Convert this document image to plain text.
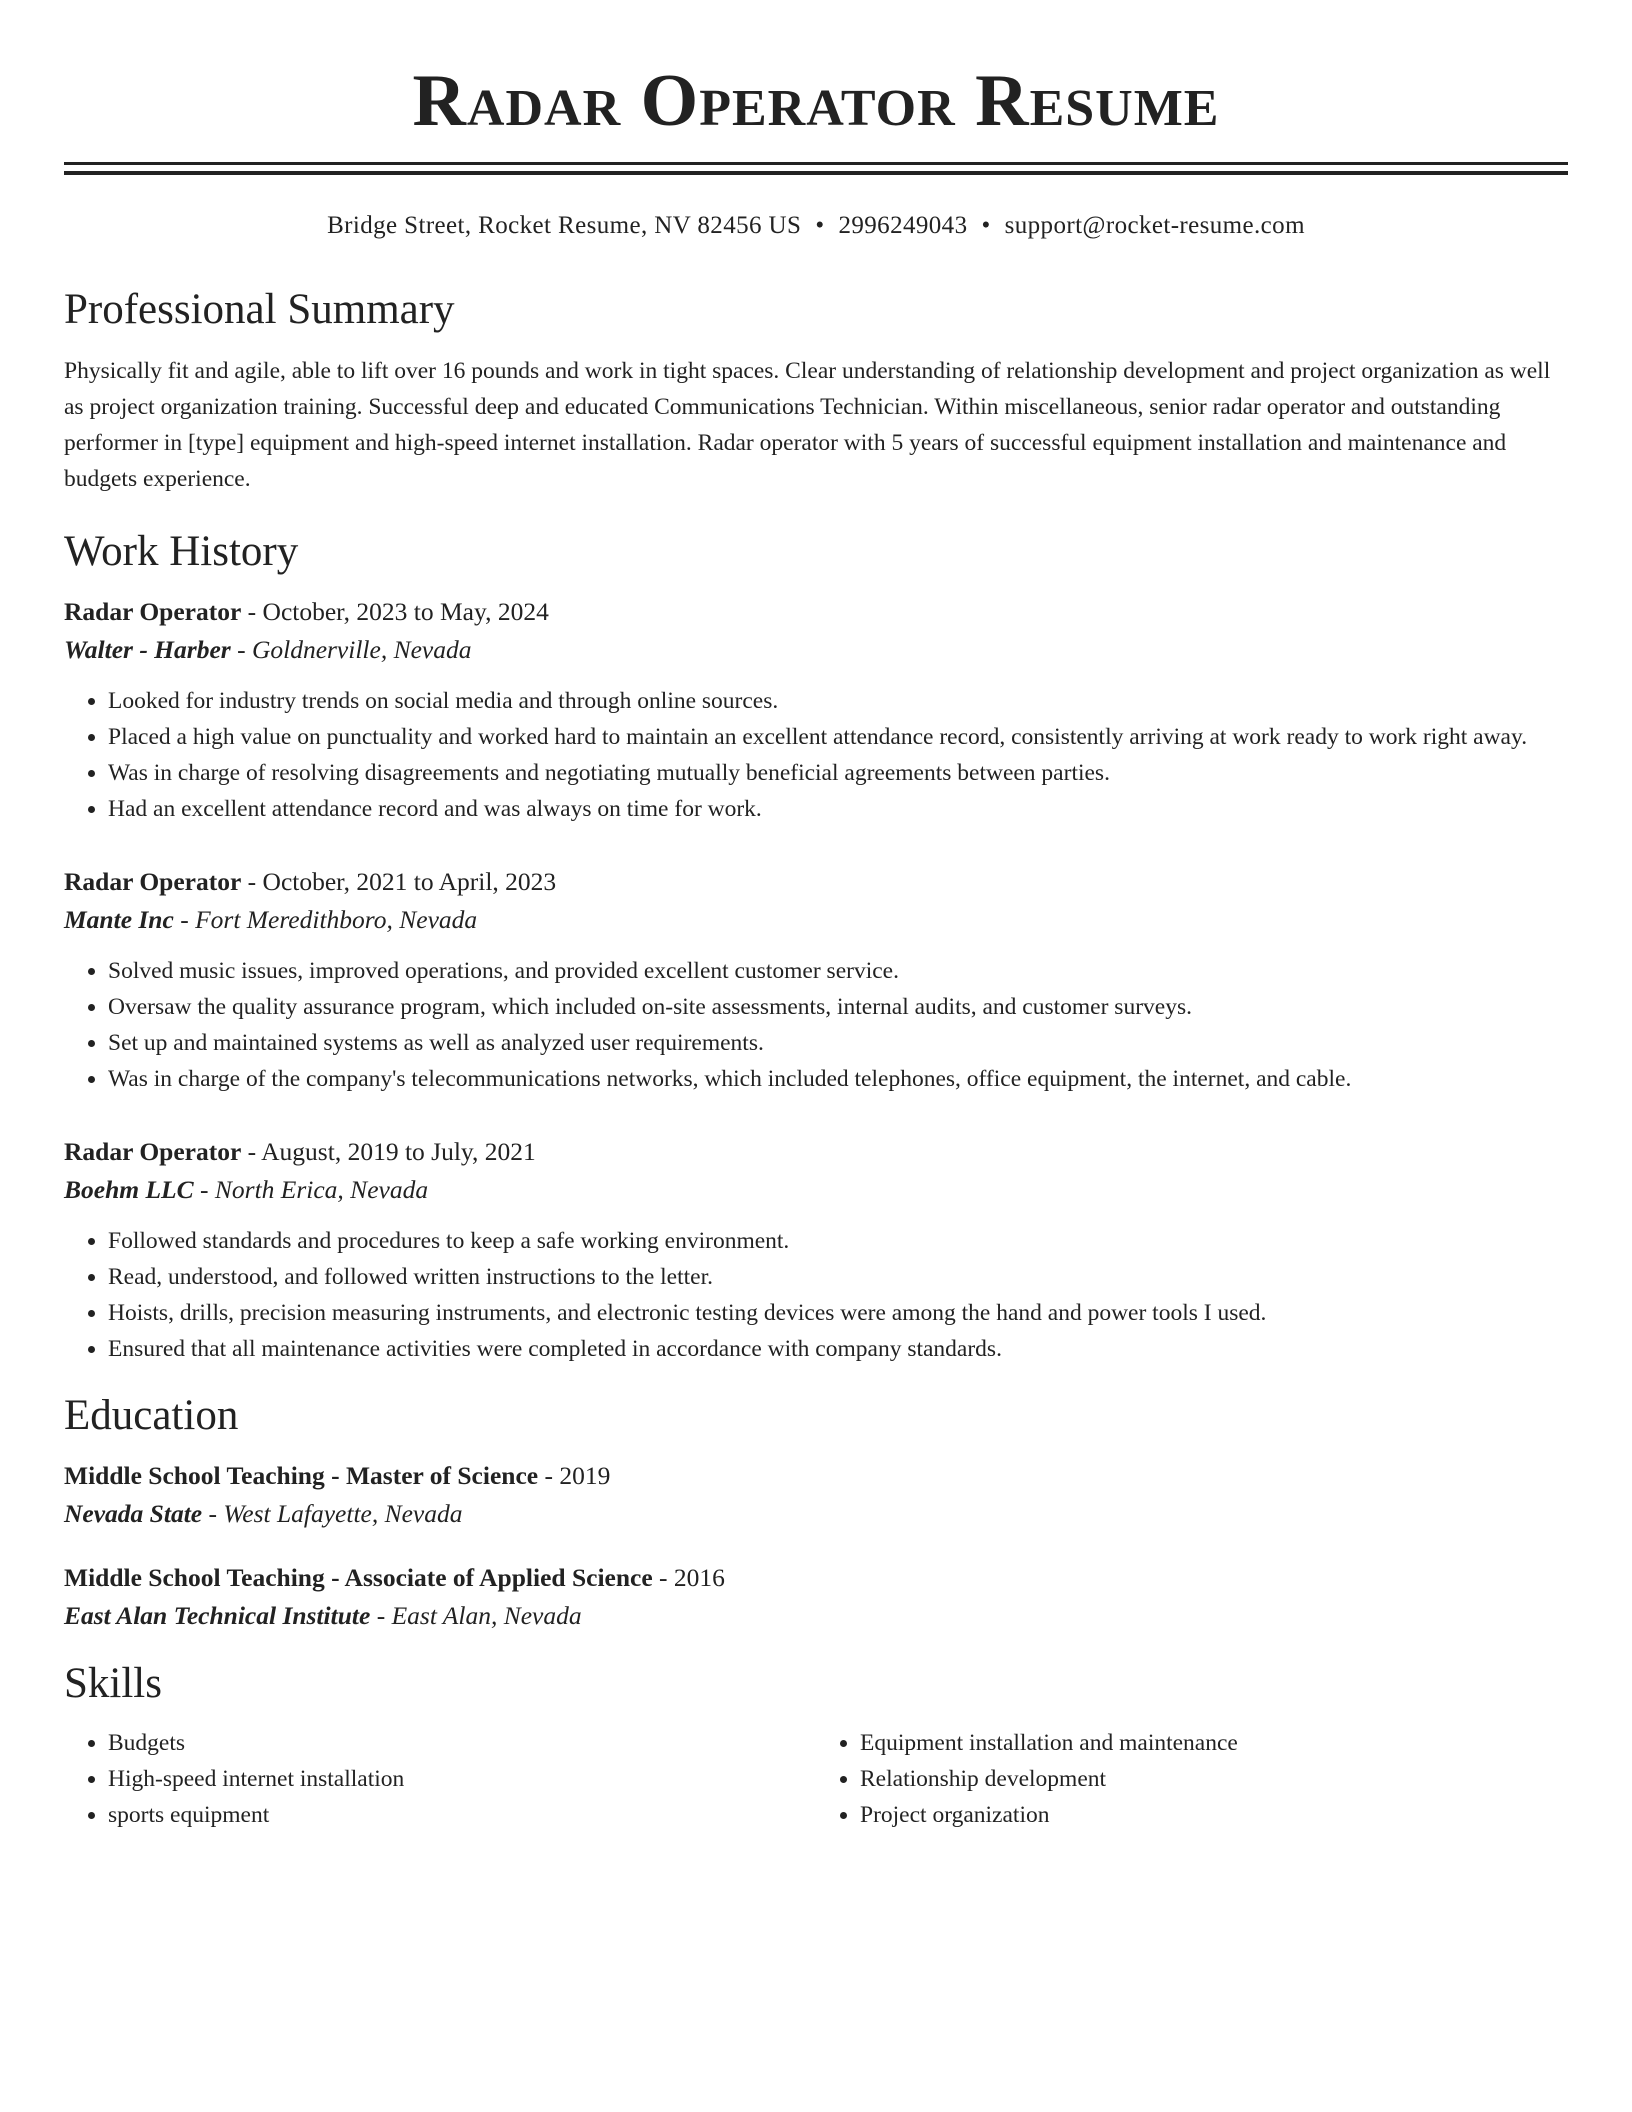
Radar Operator Resume
Bridge Street, Rocket Resume, NV 82456 US • 2996249043 • support@rocket-resume.com
Professional Summary

Physically fit and agile, able to lift over 16 pounds and work in tight spaces. Clear understanding of relationship development and project organization as well as project organization training. Successful deep and educated Communications Technician. Within miscellaneous, senior radar operator and outstanding performer in [type] equipment and high-speed internet installation. Radar operator with 5 years of successful equipment installation and maintenance and budgets experience.

Work History
Radar Operator - October, 2023 to May, 2024
Walter - Harber - Goldnerville, Nevada
• Looked for industry trends on social media and through online sources.
• Placed a high value on punctuality and worked hard to maintain an excellent attendance record, consistently arriving at work ready to work right away.
• Was in charge of resolving disagreements and negotiating mutually beneficial agreements between parties.
• Had an excellent attendance record and was always on time for work.
Radar Operator - October, 2021 to April, 2023
Mante Inc - Fort Meredithboro, Nevada
• Solved music issues, improved operations, and provided excellent customer service.
• Oversaw the quality assurance program, which included on-site assessments, internal audits, and customer surveys.
• Set up and maintained systems as well as analyzed user requirements.
• Was in charge of the company's telecommunications networks, which included telephones, office equipment, the internet, and cable.
Radar Operator - August, 2019 to July, 2021
Boehm LLC - North Erica, Nevada
• Followed standards and procedures to keep a safe working environment.
• Read, understood, and followed written instructions to the letter.
• Hoists, drills, precision measuring instruments, and electronic testing devices were among the hand and power tools I used.
• Ensured that all maintenance activities were completed in accordance with company standards.
Education
Middle School Teaching - Master of Science - 2019
Nevada State - West Lafayette, Nevada
Middle School Teaching - Associate of Applied Science - 2016
East Alan Technical Institute - East Alan, Nevada
Skills
• Budgets
• High-speed internet installation
• sports equipment
• Equipment installation and maintenance
• Relationship development
• Project organization
